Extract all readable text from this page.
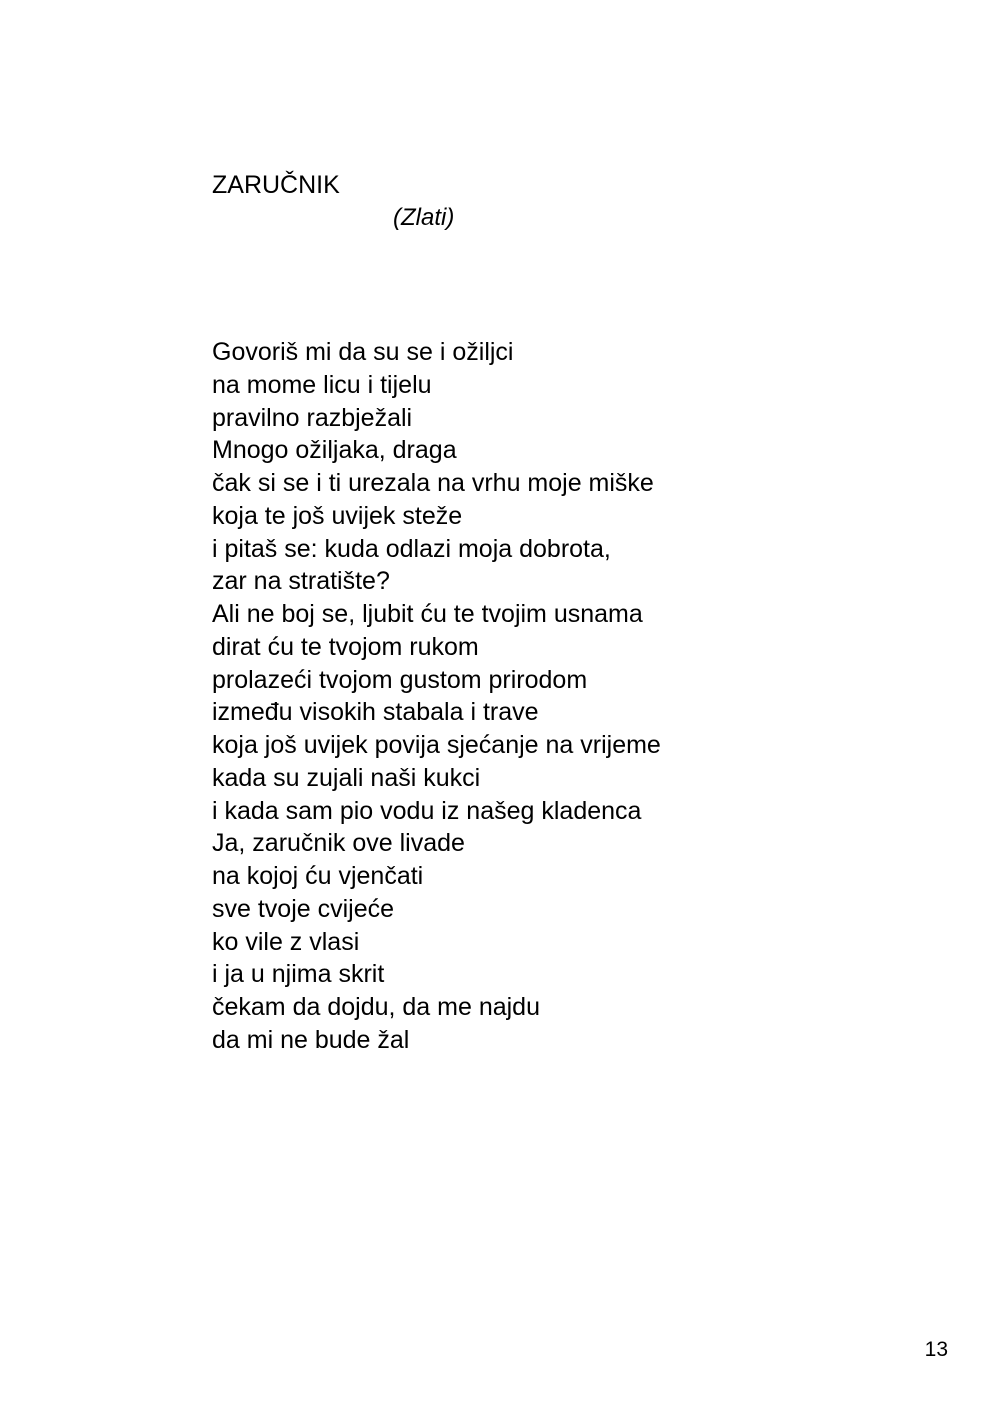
ZARUČNIK
(Zlati)
Govoriš mi da su se i ožiljci
na mome licu i tijelu
pravilno razbježali
Mnogo ožiljaka, draga
čak si se i ti urezala na vrhu moje miške
koja te još uvijek steže
i pitaš se: kuda odlazi moja dobrota,
zar na stratište?
Ali ne boj se, ljubit ću te tvojim usnama
dirat ću te tvojom rukom
prolazeći tvojom gustom prirodom
između visokih stabala i trave
koja još uvijek povija sjećanje na vrijeme
kada su zujali naši kukci
i kada sam pio vodu iz našeg kladenca
Ja, zaručnik ove livade
na kojoj ću vjenčati
sve tvoje cvijeće
ko vile z vlasi
i ja u njima skrit
čekam da dojdu, da me najdu
da mi ne bude žal
13
